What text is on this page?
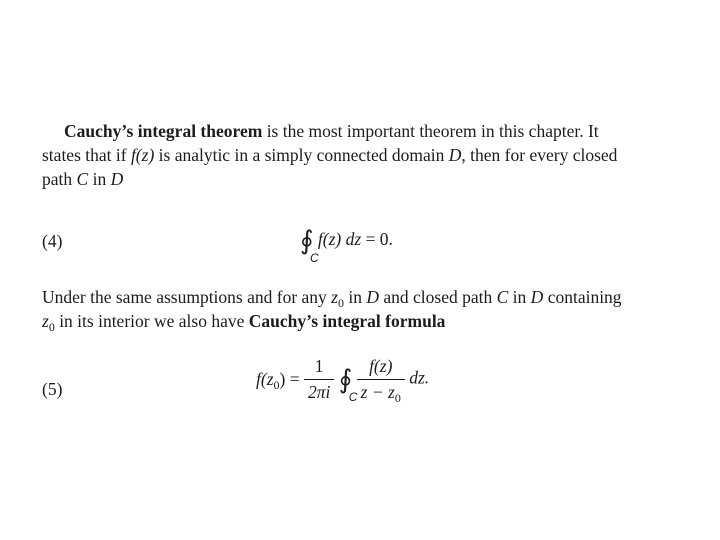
Cauchy’s integral theorem is the most important theorem in this chapter. It
states that if f(z) is analytic in a simply connected domain D, then for every closed
path C in D
(4)	∮
C
f(z) dz = 0.
Under the same assumptions and for any $z_0$ in D and closed path C in D containing
$z_0$ in its interior we also have Cauchy’s integral formula
(5)	$f(z_0) = \frac{1}{2\pi i}$ ∮
C
$\frac{f(z)}{z - z_0}$ dz.
